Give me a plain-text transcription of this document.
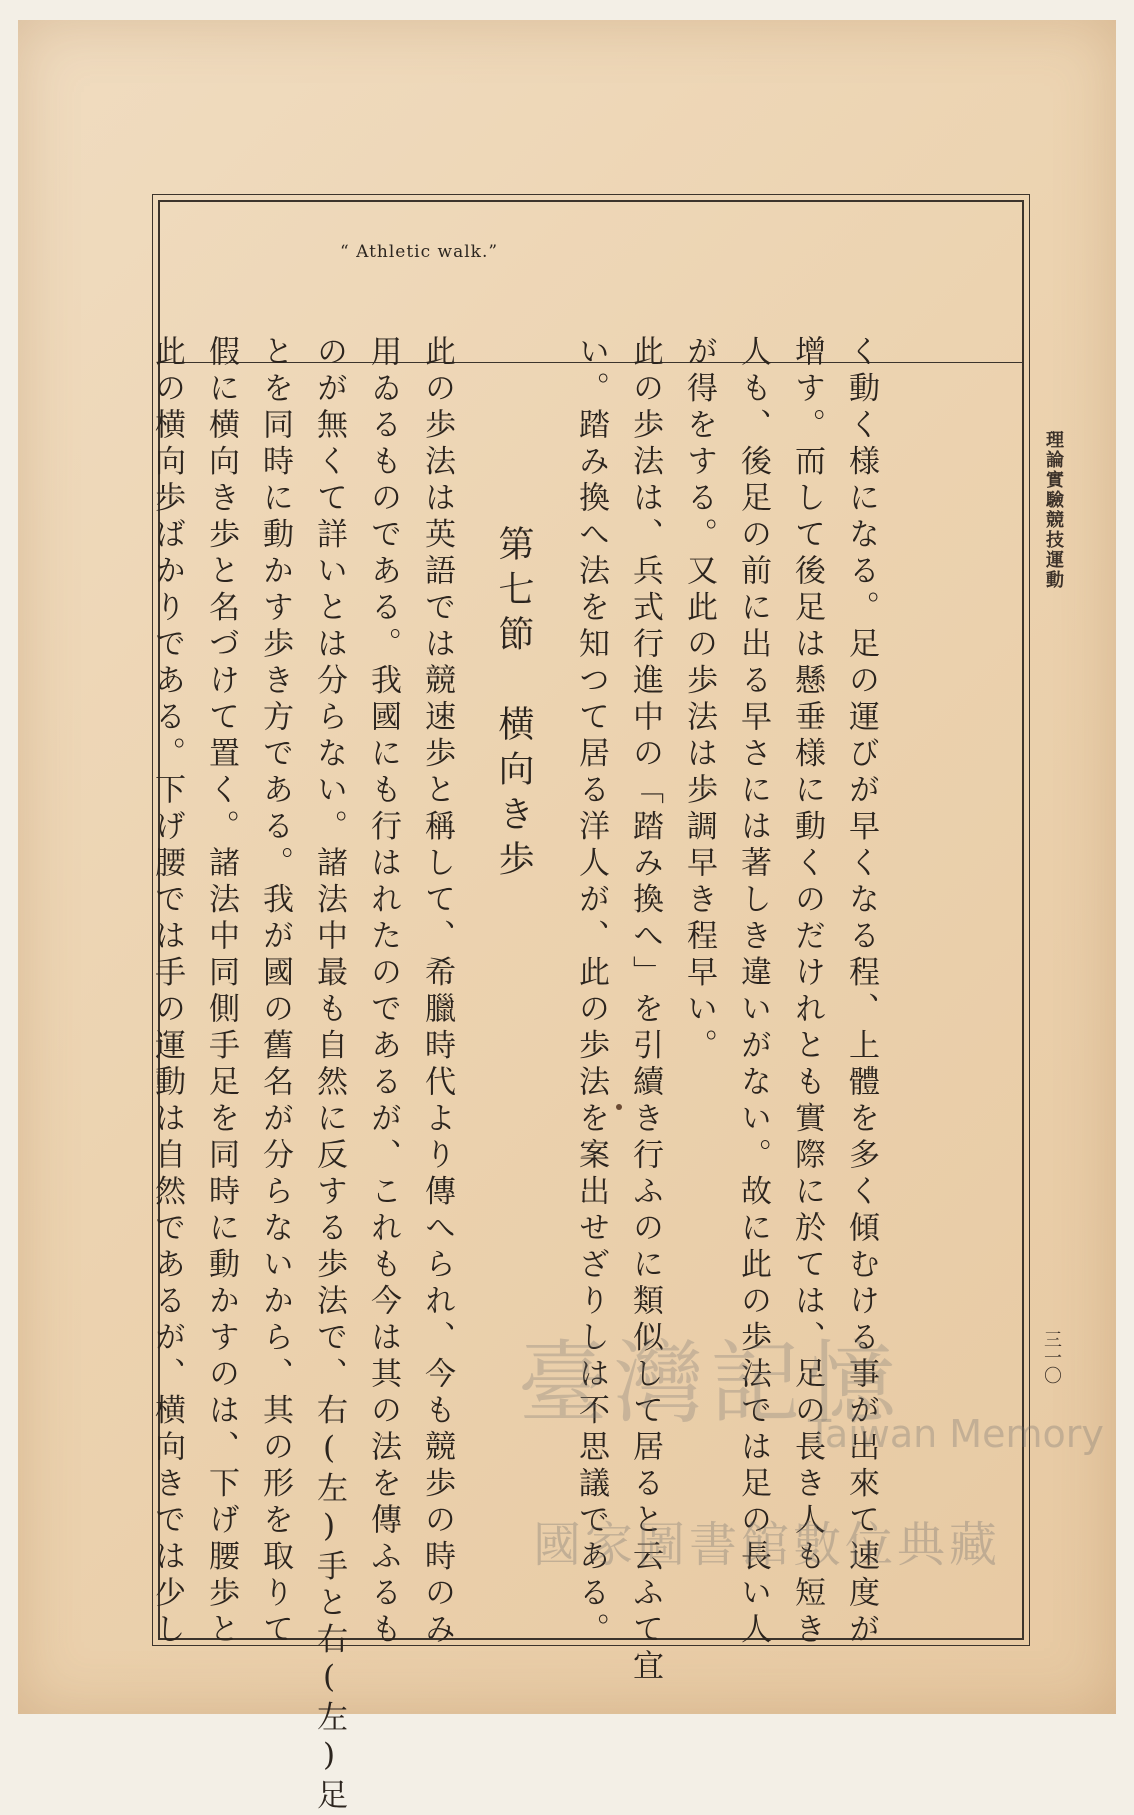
“ Athletic walk.”
理論實驗競技運動
三一〇
く動く様になる。足の運びが早くなる程、上體を多く傾むける事が出來て速度が
增す。而して後足は懸垂様に動くのだけれとも實際に於ては、足の長き人も短き
人も、後足の前に出る早さには著しき違いがない。故に此の歩法では足の長い人
が得をする。又此の歩法は歩調早き程早い。
此の歩法は、兵式行進中の「踏み換へ」を引續き行ふのに類似して居ると云ふて宜
い。踏み換へ法を知つて居る洋人が、此の歩法を案出せざりしは不思議である。
第七節　横向き歩
此の歩法は英語では競速歩と稱して、希臘時代より傳へられ、今も競歩の時のみ
用ゐるものである。我國にも行はれたのであるが、これも今は其の法を傳ふるも
のが無くて詳いとは分らない。諸法中最も自然に反する歩法で、右(左)手と右(左)足
とを同時に動かす歩き方である。我が國の舊名が分らないから、其の形を取りて
假に横向き歩と名づけて置く。諸法中同側手足を同時に動かすのは、下げ腰歩と
此の横向歩ばかりである。下げ腰では手の運動は自然であるが、横向きでは少し	臺灣記憶
Taiwan Memory
國家圖書館數位典藏
